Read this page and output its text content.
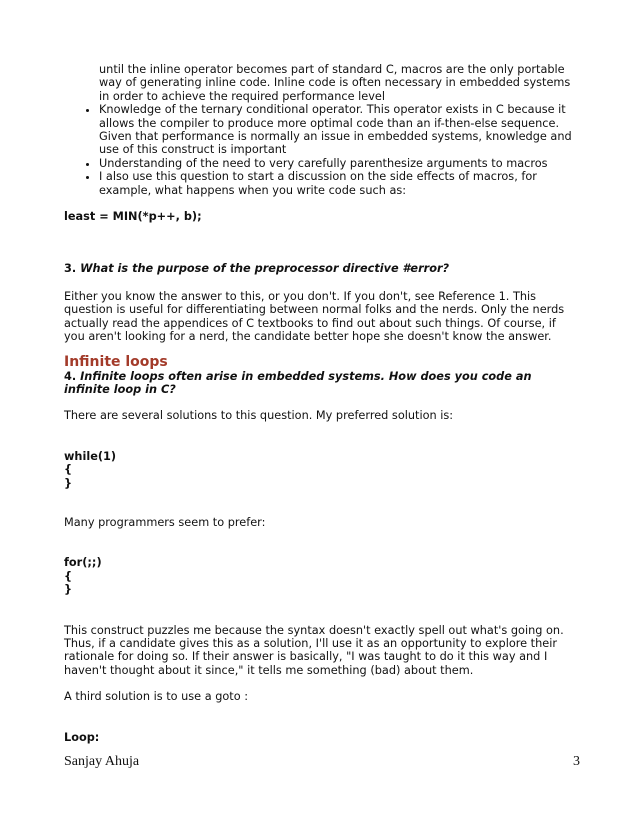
until the inline operator becomes part of standard C, macros are the only portable way of generating inline code. Inline code is often necessary in embedded systems in order to achieve the required performance level

• Knowledge of the ternary conditional operator. This operator exists in C because it allows the compiler to produce more optimal code than an if-then-else sequence. Given that performance is normally an issue in embedded systems, knowledge and use of this construct is important
• Understanding of the need to very carefully parenthesize arguments to macros
• I also use this question to start a discussion on the side effects of macros, for example, what happens when you write code such as:

least = MIN(*p++, b);

3. What is the purpose of the preprocessor directive #error?

Either you know the answer to this, or you don't. If you don't, see Reference 1. This question is useful for differentiating between normal folks and the nerds. Only the nerds actually read the appendices of C textbooks to find out about such things. Of course, if you aren't looking for a nerd, the candidate better hope she doesn't know the answer.

Infinite loops

4. Infinite loops often arise in embedded systems. How does you code an infinite loop in C?

There are several solutions to this question. My preferred solution is:

while(1)

{

}

Many programmers seem to prefer:

for(;;)

{

}

This construct puzzles me because the syntax doesn't exactly spell out what's going on. Thus, if a candidate gives this as a solution, I'll use it as an opportunity to explore their rationale for doing so. If their answer is basically, "I was taught to do it this way and I haven't thought about it since," it tells me something (bad) about them.

A third solution is to use a goto :

Loop:

Sanjay Ahuja	3
